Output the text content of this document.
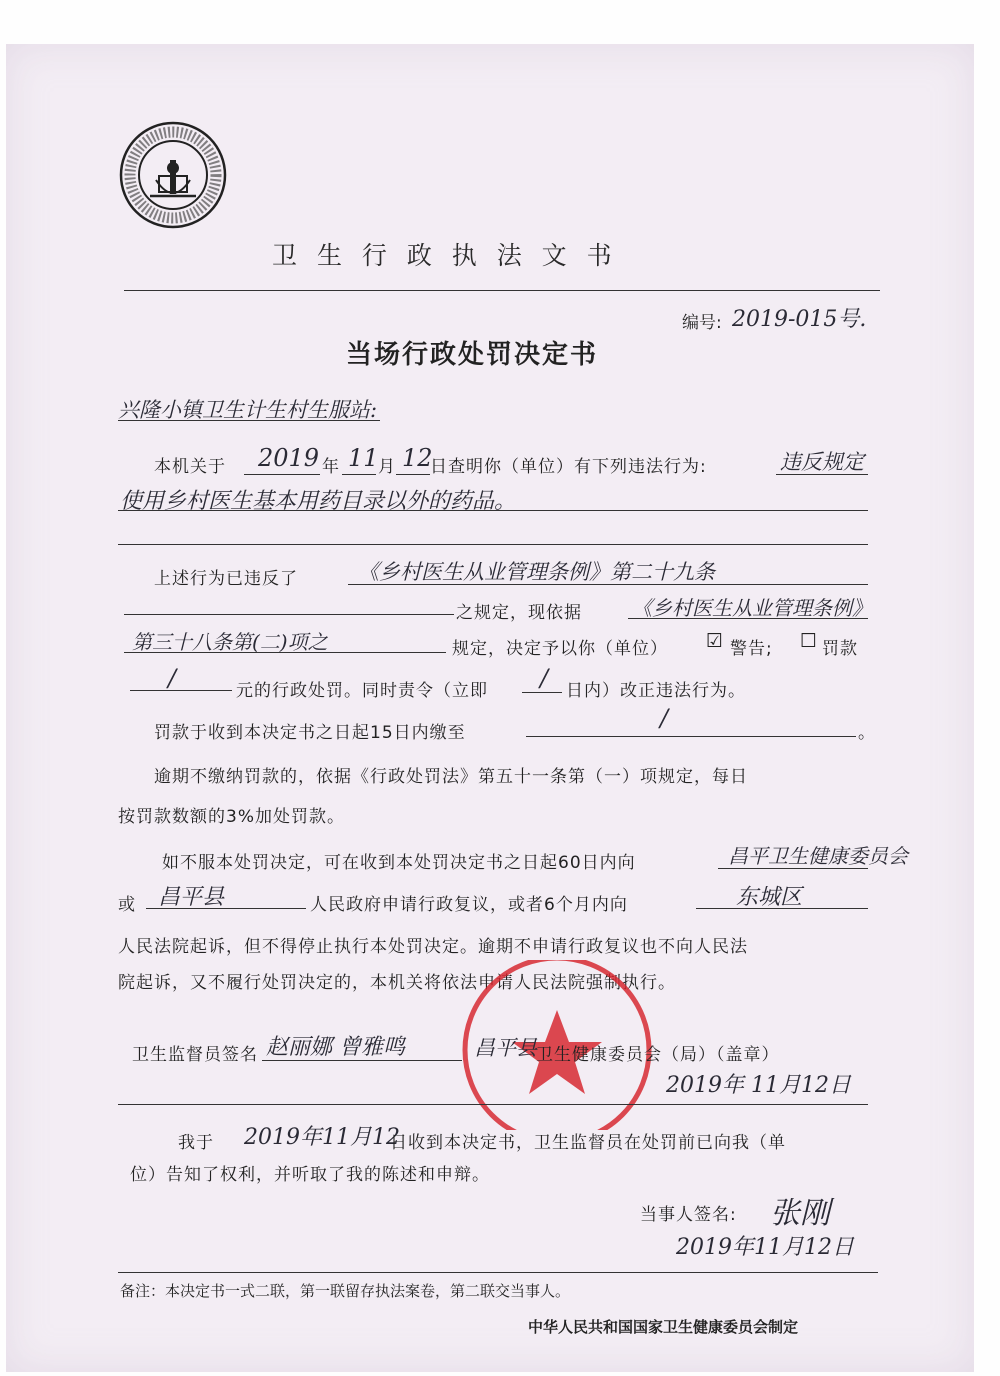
卫 生 行 政 执 法 文 书
编号: 2019-015号.
当场行政处罚决定书
兴隆小镇卫生计生村生服站:
本机关于 2019 年 11 月 12
日查明你（单位）有下列违法行为:	违反规定
使用乡村医生基本用药目录以外的药品。
上述行为已违反了	《乡村医生从业管理条例》第二十九条
之规定，现依据	《乡村医生从业管理条例》
第三十八条第(二)项之	规定，决定予以你（单位） ☑ 警告; ☐ 罚款
∕	元的行政处罚。同时责令（立即 ∕ 日内）改正违法行为。
罚款于收到本决定书之日起15日内缴至
∕
。
逾期不缴纳罚款的，依据《行政处罚法》第五十一条第（一）项规定，每日
按罚款数额的3%加处罚款。
如不服本处罚决定，可在收到本处罚决定书之日起60日内向	昌平卫生健康委员会
或 昌平县	人民政府申请行政复议，或者6个月内向	东城区
人民法院起诉，但不得停止执行本处罚决定。逾期不申请行政复议也不向人民法
院起诉，又不履行处罚决定的，本机关将依法申请人民法院强制执行。
卫生监督员签名 赵丽娜 曾雅鸣	昌平县 卫生健康委员会（局）（盖章）
2019年 11月12日
我于 2019年11月12
日收到本决定书，卫生监督员在处罚前已向我（单
位）告知了权利，并听取了我的陈述和申辩。
当事人签名: 张刚
2019年11月12日
备注：本决定书一式二联，第一联留存执法案卷，第二联交当事人。
中华人民共和国国家卫生健康委员会制定
